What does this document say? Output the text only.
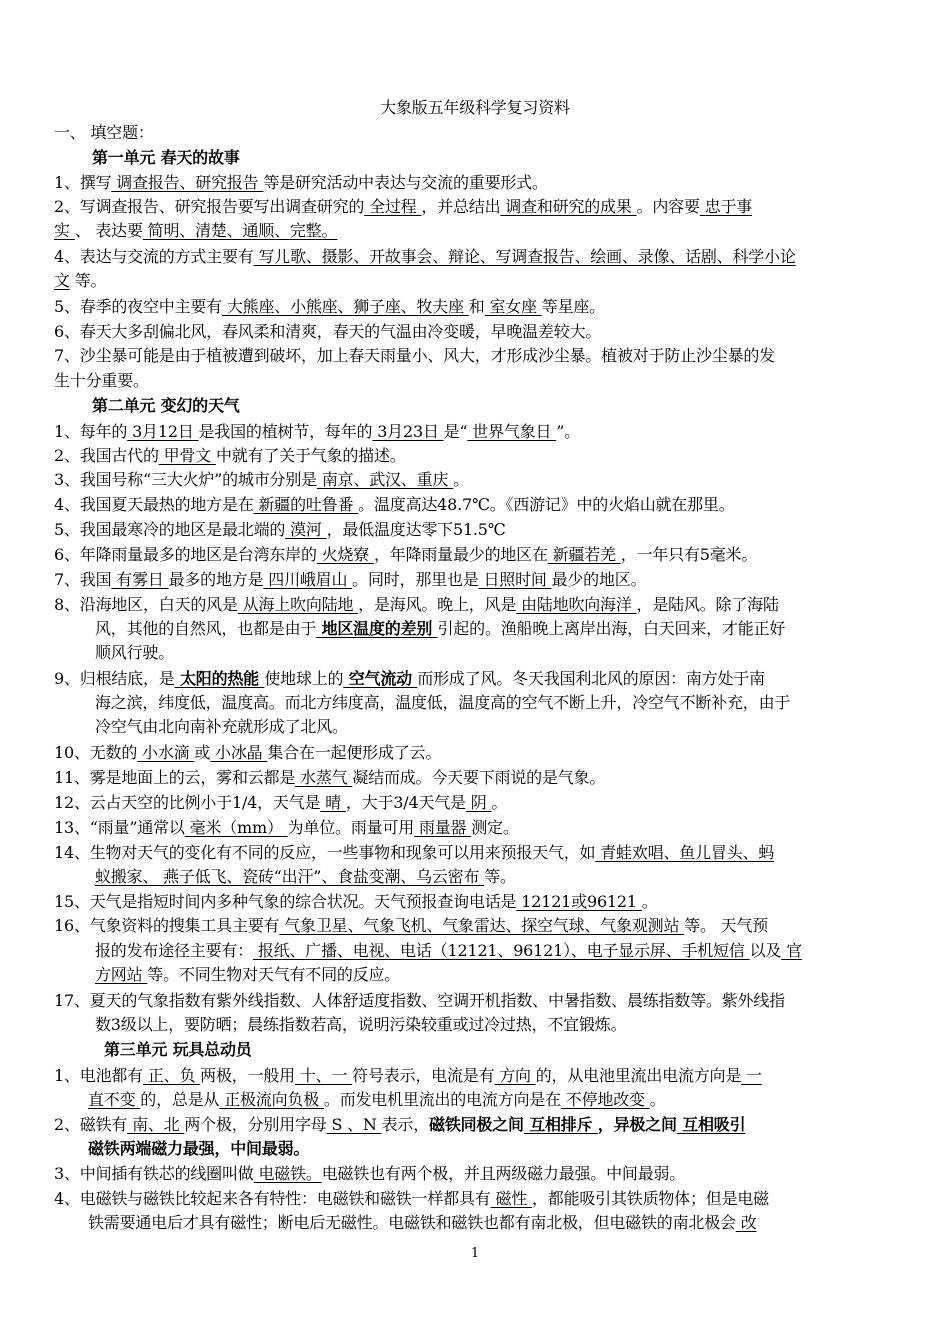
大象版五年级科学复习资料
一、 填空题：
第一单元 春天的故事
1、撰写 调查报告、研究报告 等是研究活动中表达与交流的重要形式。
2、写调查报告、研究报告要写出调查研究的 全过程 ，并总结出 调查和研究的成果 。内容要 忠于事
实 、 表达要 简明、清楚、通顺、完整。
4、表达与交流的方式主要有 写儿歌、摄影、开故事会、辩论、写调查报告、绘画、录像、话剧、科学小论
文 等。
5、春季的夜空中主要有 大熊座、小熊座、狮子座、牧夫座 和 室女座 等星座。
6、春天大多刮偏北风，春风柔和清爽，春天的气温由冷变暖，早晚温差较大。
7、沙尘暴可能是由于植被遭到破坏，加上春天雨量小、风大，才形成沙尘暴。植被对于防止沙尘暴的发
生十分重要。
第二单元 变幻的天气
1、每年的 3月12日 是我国的植树节，每年的 3月23日 是“ 世界气象日 ”。
2、我国古代的 甲骨文 中就有了关于气象的描述。
3、我国号称“三大火炉”的城市分别是 南京、武汉、重庆 。
4、我国夏天最热的地方是在 新疆的吐鲁番 。温度高达48.7℃。《西游记》中的火焰山就在那里。
5、我国最寒冷的地区是最北端的 漠河 ，最低温度达零下51.5℃
6、年降雨量最多的地区是台湾东岸的 火烧寮 ，年降雨量最少的地区在 新疆若羌 ，一年只有5毫米。
7、我国 有雾日 最多的地方是 四川峨眉山 。同时，那里也是 日照时间 最少的地区。
8、沿海地区，白天的风是 从海上吹向陆地 ，是海风。晚上，风是 由陆地吹向海洋 ，是陆风。除了海陆
风，其他的自然风，也都是由于 地区温度的差别 引起的。渔船晚上离岸出海，白天回来，才能正好
顺风行驶。
9、归根结底，是 太阳的热能 使地球上的 空气流动 而形成了风。冬天我国利北风的原因：南方处于南
海之滨，纬度低，温度高。而北方纬度高，温度低，温度高的空气不断上升，冷空气不断补充，由于
冷空气由北向南补充就形成了北风。
10、无数的 小水滴 或 小冰晶 集合在一起便形成了云。
11、雾是地面上的云，雾和云都是 水蒸气 凝结而成。今天要下雨说的是气象。
12、云占天空的比例小于1/4，天气是 晴 ，大于3/4天气是 阴 。
13、“雨量”通常以 毫米（mm） 为单位。雨量可用 雨量器 测定。
14、生物对天气的变化有不同的反应，一些事物和现象可以用来预报天气，如 青蛙欢唱、鱼儿冒头、蚂
蚁搬家、 燕子低飞、瓷砖“出汗”、食盐变潮、乌云密布 等。
15、天气是指短时间内多种气象的综合状况。天气预报查询电话是 12121或96121 。
16、气象资料的搜集工具主要有 气象卫星、气象飞机、气象雷达、探空气球、气象观测站 等。 天气预
报的发布途径主要有： 报纸、广播、电视、电话（12121、96121）、电子显示屏、手机短信 以及 官
方网站 等。不同生物对天气有不同的反应。
17、夏天的气象指数有紫外线指数、人体舒适度指数、空调开机指数、中暑指数、晨练指数等。紫外线指
数3级以上，要防晒；晨练指数若高，说明污染较重或过冷过热，不宜锻炼。
第三单元 玩具总动员
1、电池都有 正、负 两极，一般用 十、一 符号表示，电流是有 方向 的，从电池里流出电流方向是 一
直不变 的，总是从 正极流向负极 。而发电机里流出的电流方向是在 不停地改变 。
2、磁铁有 南、北 两个极，分别用字母 S 、N 表示，磁铁同极之间 互相排斥 ，异极之间 互相吸引
磁铁两端磁力最强，中间最弱。
3、中间插有铁芯的线圈叫做 电磁铁。电磁铁也有两个极，并且两级磁力最强。中间最弱。
4、电磁铁与磁铁比较起来各有特性：电磁铁和磁铁一样都具有 磁性 ，都能吸引其铁质物体；但是电磁
铁需要通电后才具有磁性；断电后无磁性。电磁铁和磁铁也都有南北极，但电磁铁的南北极会 改
1
